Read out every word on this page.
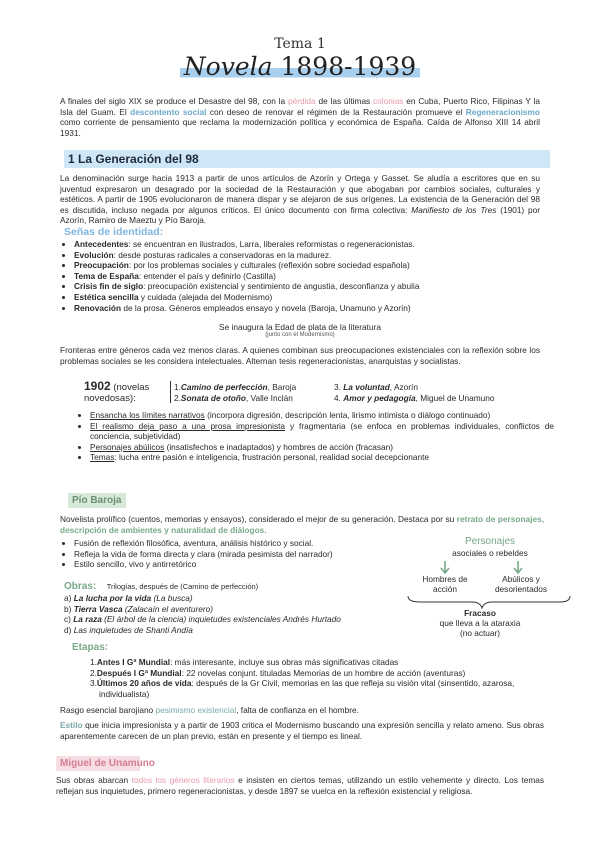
Tema 1
Novela 1898-1939
A finales del siglo XIX se produce el Desastre del 98, con la pérdida de las últimas colonias en Cuba, Puerto Rico, Filipinas Y la Isla del Guam. El descontento social con deseo de renovar el régimen de la Restauración promueve el Regeneracionismo como corriente de pensamiento que reclama la modernización política y económica de España. Caída de Alfonso XIII 14 abril 1931.
1 La Generación del 98
La denominación surge hacia 1913 a partir de unos artículos de Azorín y Ortega y Gasset. Se aludía a escritores que en su juventud expresaron un desagrado por la sociedad de la Restauración y que abogaban por cambios sociales, culturales y estéticos. A partir de 1905 evolucionaron de manera dispar y se alejaron de sus orígenes. La existencia de la Generación del 98 es discutida, incluso negada por algunos críticos. El único documento con firma colectiva: Manifiesto de los Tres (1901) por Azorín, Ramiro de Maeztu y Pío Baroja.
Señas de identidad:
• Antecedentes: se encuentran en ilustrados, Larra, liberales reformistas o regeneracionistas.
• Evolución: desde posturas radicales a conservadoras en la madurez.
• Preocupación: por los problemas sociales y culturales (reflexión sobre sociedad española)
• Tema de España: entender el país y definirlo (Castilla)
• Crisis fin de siglo: preocupación existencial y sentimiento de angustia, desconfianza y abulia
• Estética sencilla y cuidada (alejada del Modernismo)
• Renovación de la prosa. Géneros empleados ensayo y novela (Baroja, Unamuno y Azorín)
Se inaugura la Edad de plata de la literatura
(junto con el Modernismo)
Fronteras entre géneros cada vez menos claras. A quienes combinan sus preocupaciones existenciales con la reflexión sobre los problemas sociales se les considera intelectuales. Alternan tesis regeneracionistas, anarquistas y socialistas.
1902 (novelas novedosas):
1.Camino de perfección, Baroja
2.Sonata de otoño, Valle Inclán
3. La voluntad, Azorín
4. Amor y pedagogía, Miguel de Unamuno
• Ensancha los límites narrativos (incorpora digresión, descripción lenta, lirismo intimista o diálogo continuado)
• El realismo deja paso a una prosa impresionista y fragmentaria (se enfoca en problemas individuales, conflictos de conciencia, subjetividad)
• Personajes abúlicos (insatisfechos e inadaptados) y hombres de acción (fracasan)
• Temas: lucha entre pasión e inteligencia, frustración personal, realidad social decepcionante
Pío Baroja
Novelista prolífico (cuentos, memorias y ensayos), considerado el mejor de su generación. Destaca por su retrato de personajes, descripción de ambientes y naturalidad de diálogos.
• Fusión de reflexión filosófica, aventura, análisis histórico y social.
• Refleja la vida de forma directa y clara (mirada pesimista del narrador)
• Estilo sencillo, vivo y antirretórico
Obras: Trilogías, después de (Camino de perfección)
a) La lucha por la vida (La busca)
b) Tierra Vasca (Zalacaín el aventurero)
c) La raza (El árbol de la ciencia) inquietudes existenciales Andrés Hurtado
d) Las inquietudes de Shanti Andía
Personajes
asociales o rebeldes
Hombres de acción
Abúlicos y desorientados
Fracaso
que lleva a la ataraxia (no actuar)
Etapas:
1.Antes I Gª Mundial: más interesante, incluye sus obras más significativas citadas
2.Después I Gª Mundial: 22 novelas conjunt. tituladas Memorias de un hombre de acción (aventuras)
3.Últimos 20 años de vida: después de la Gr Civil, memorias en las que refleja su visión vital (sinsentido, azarosa, individualista)
Rasgo esencial barojiano pesimismo existencial, falta de confianza en el hombre.
Estilo que inicia impresionista y a partir de 1903 critica el Modernismo buscando una expresión sencilla y relato ameno. Sus obras aparentemente carecen de un plan previo, están en presente y el tiempo es lineal.
Miguel de Unamuno
Sus obras abarcan todos los géneros literarios e insisten en ciertos temas, utilizando un estilo vehemente y directo. Los temas reflejan sus inquietudes, primero regeneracionistas, y desde 1897 se vuelca en la reflexión existencial y religiosa.
